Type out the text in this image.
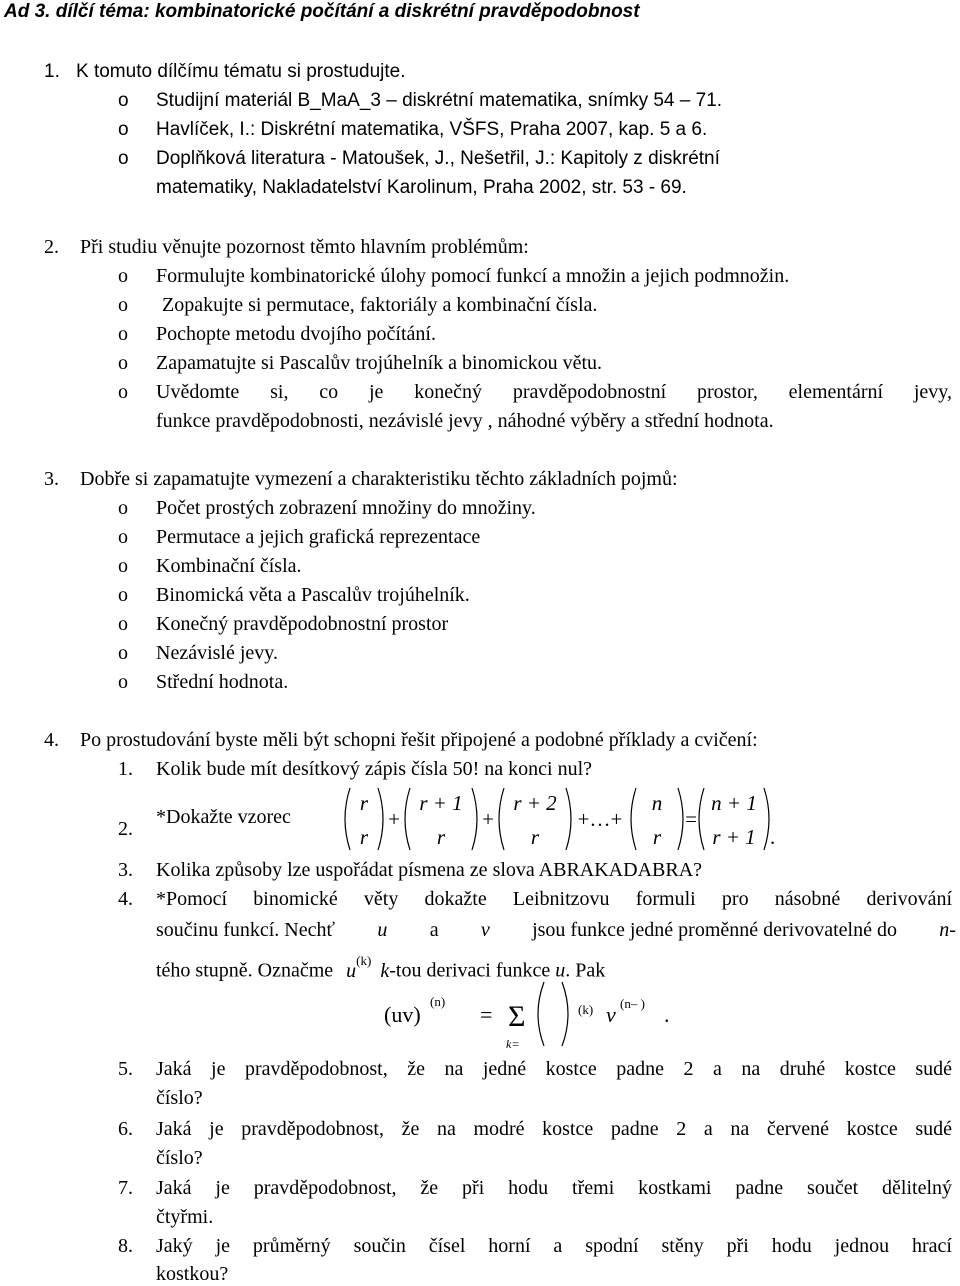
Ad 3. dílčí téma: kombinatorické počítání a diskrétní pravděpodobnost
1. K tomuto dílčímu tématu si prostudujte.
o Studijní materiál B_MaA_3 – diskrétní matematika, snímky 54 – 71.
o Havlíček, I.: Diskrétní matematika, VŠFS, Praha 2007, kap. 5 a 6.
o Doplňková literatura - Matoušek, J., Nešetřil, J.: Kapitoly z diskrétní
matematiky, Nakladatelství Karolinum, Praha 2002, str. 53 - 69.
2. Při studiu věnujte pozornost těmto hlavním problémům:
o Formulujte kombinatorické úlohy pomocí funkcí a množin a jejich podmnožin.
o Zopakujte si permutace, faktoriály a kombinační čísla.
o Pochopte metodu dvojího počítání.
o Zapamatujte si Pascalův trojúhelník a binomickou větu.
o Uvědomte si, co je konečný pravděpodobnostní prostor, elementární jevy,
funkce pravděpodobnosti, nezávislé jevy , náhodné výběry a střední hodnota.
3. Dobře si zapamatujte vymezení a charakteristiku těchto základních pojmů:
o Počet prostých zobrazení množiny do množiny.
o Permutace a jejich grafická reprezentace
o Kombinační čísla.
o Binomická věta a Pascalův trojúhelník.
o Konečný pravděpodobnostní prostor
o Nezávislé jevy.
o Střední hodnota.
4. Po prostudování byste měli být schopni řešit připojené a podobné příklady a cvičení:
1. Kolik bude mít desítkový zápis čísla 50! na konci nul?
2.
*Dokažte vzorec
r
r
+
r + 1
r
+
r + 2
r
+…+
n
r
=
n + 1
r + 1 .
3. Kolika způsoby lze uspořádat písmena ze slova ABRAKADABRA?
4. *Pomocí binomické věty dokažte Leibnitzovu formuli pro násobné derivování
součinu funkcí. Nechť u a v jsou funkce jedné proměnné derivovatelné do n-
tého stupně. Označme $u^{(k)}$ k-tou derivaci funkce u. Pak
(uv)
(n)
= Σ
k=
(k) v (n– ) .
5. Jaká je pravděpodobnost, že na jedné kostce padne 2 a na druhé kostce sudé
číslo?
6. Jaká je pravděpodobnost, že na modré kostce padne 2 a na červené kostce sudé
číslo?
7. Jaká je pravděpodobnost, že při hodu třemi kostkami padne součet dělitelný
čtyřmi.
8. Jaký je průměrný součin čísel horní a spodní stěny při hodu jednou hrací
kostkou?
